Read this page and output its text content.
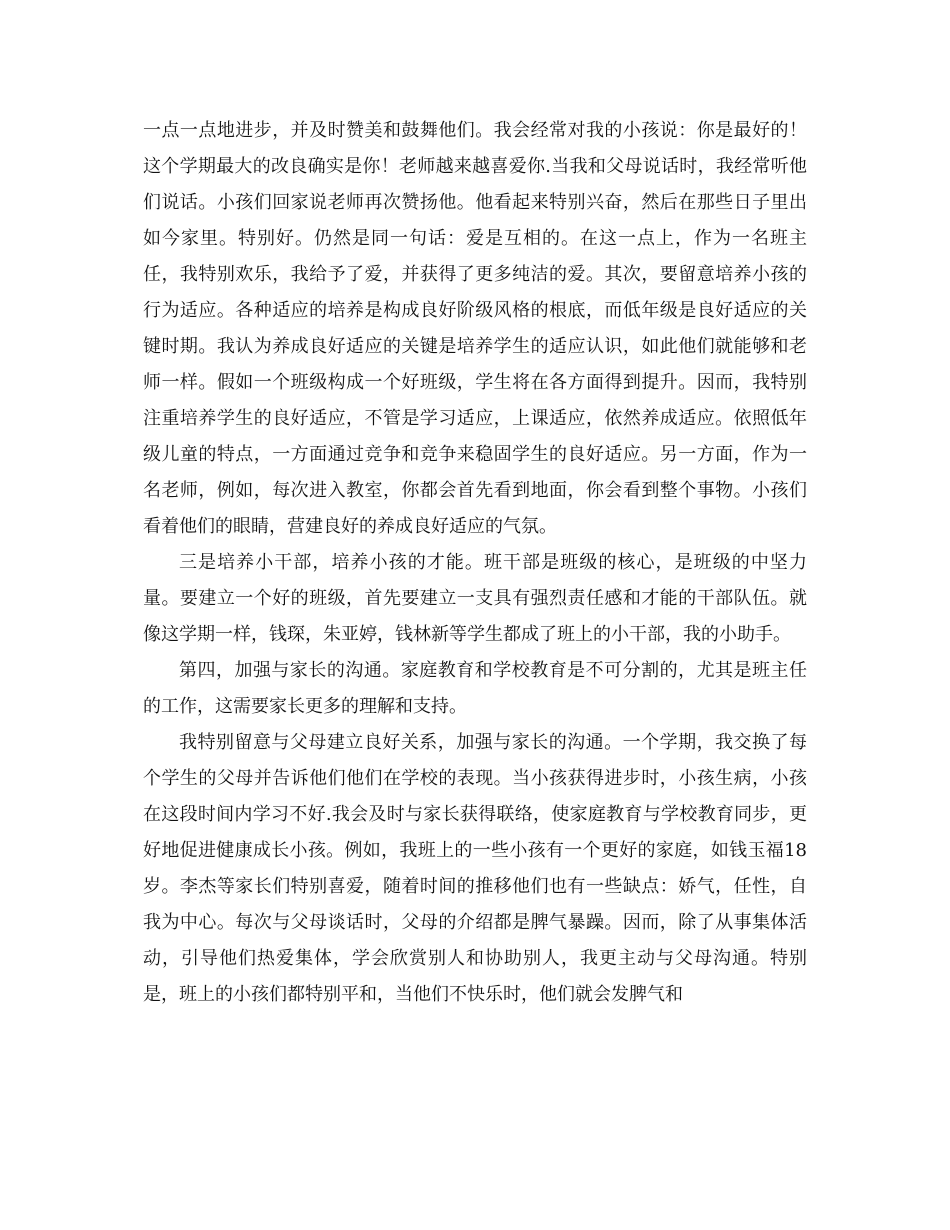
一点一点地进步，并及时赞美和鼓舞他们。我会经常对我的小孩说：你是最好的！这个学期最大的改良确实是你！老师越来越喜爱你.当我和父母说话时，我经常听他们说话。小孩们回家说老师再次赞扬他。他看起来特别兴奋，然后在那些日子里出如今家里。特别好。仍然是同一句话：爱是互相的。在这一点上，作为一名班主任，我特别欢乐，我给予了爱，并获得了更多纯洁的爱。其次，要留意培养小孩的行为适应。各种适应的培养是构成良好阶级风格的根底，而低年级是良好适应的关键时期。我认为养成良好适应的关键是培养学生的适应认识，如此他们就能够和老师一样。假如一个班级构成一个好班级，学生将在各方面得到提升。因而，我特别注重培养学生的良好适应，不管是学习适应，上课适应，依然养成适应。依照低年级儿童的特点，一方面通过竞争和竞争来稳固学生的良好适应。另一方面，作为一名老师，例如，每次进入教室，你都会首先看到地面，你会看到整个事物。小孩们看着他们的眼睛，营建良好的养成良好适应的气氛。

三是培养小干部，培养小孩的才能。班干部是班级的核心，是班级的中坚力量。要建立一个好的班级，首先要建立一支具有强烈责任感和才能的干部队伍。就像这学期一样，钱琛，朱亚婷，钱林新等学生都成了班上的小干部，我的小助手。

第四，加强与家长的沟通。家庭教育和学校教育是不可分割的，尤其是班主任的工作，这需要家长更多的理解和支持。

我特别留意与父母建立良好关系，加强与家长的沟通。一个学期，我交换了每个学生的父母并告诉他们他们在学校的表现。当小孩获得进步时，小孩生病，小孩在这段时间内学习不好.我会及时与家长获得联络，使家庭教育与学校教育同步，更好地促进健康成长小孩。例如，我班上的一些小孩有一个更好的家庭，如钱玉福18岁。李杰等家长们特别喜爱，随着时间的推移他们也有一些缺点：娇气，任性，自我为中心。每次与父母谈话时，父母的介绍都是脾气暴躁。因而，除了从事集体活动，引导他们热爱集体，学会欣赏别人和协助别人，我更主动与父母沟通。特别是，班上的小孩们都特别平和，当他们不快乐时，他们就会发脾气和
